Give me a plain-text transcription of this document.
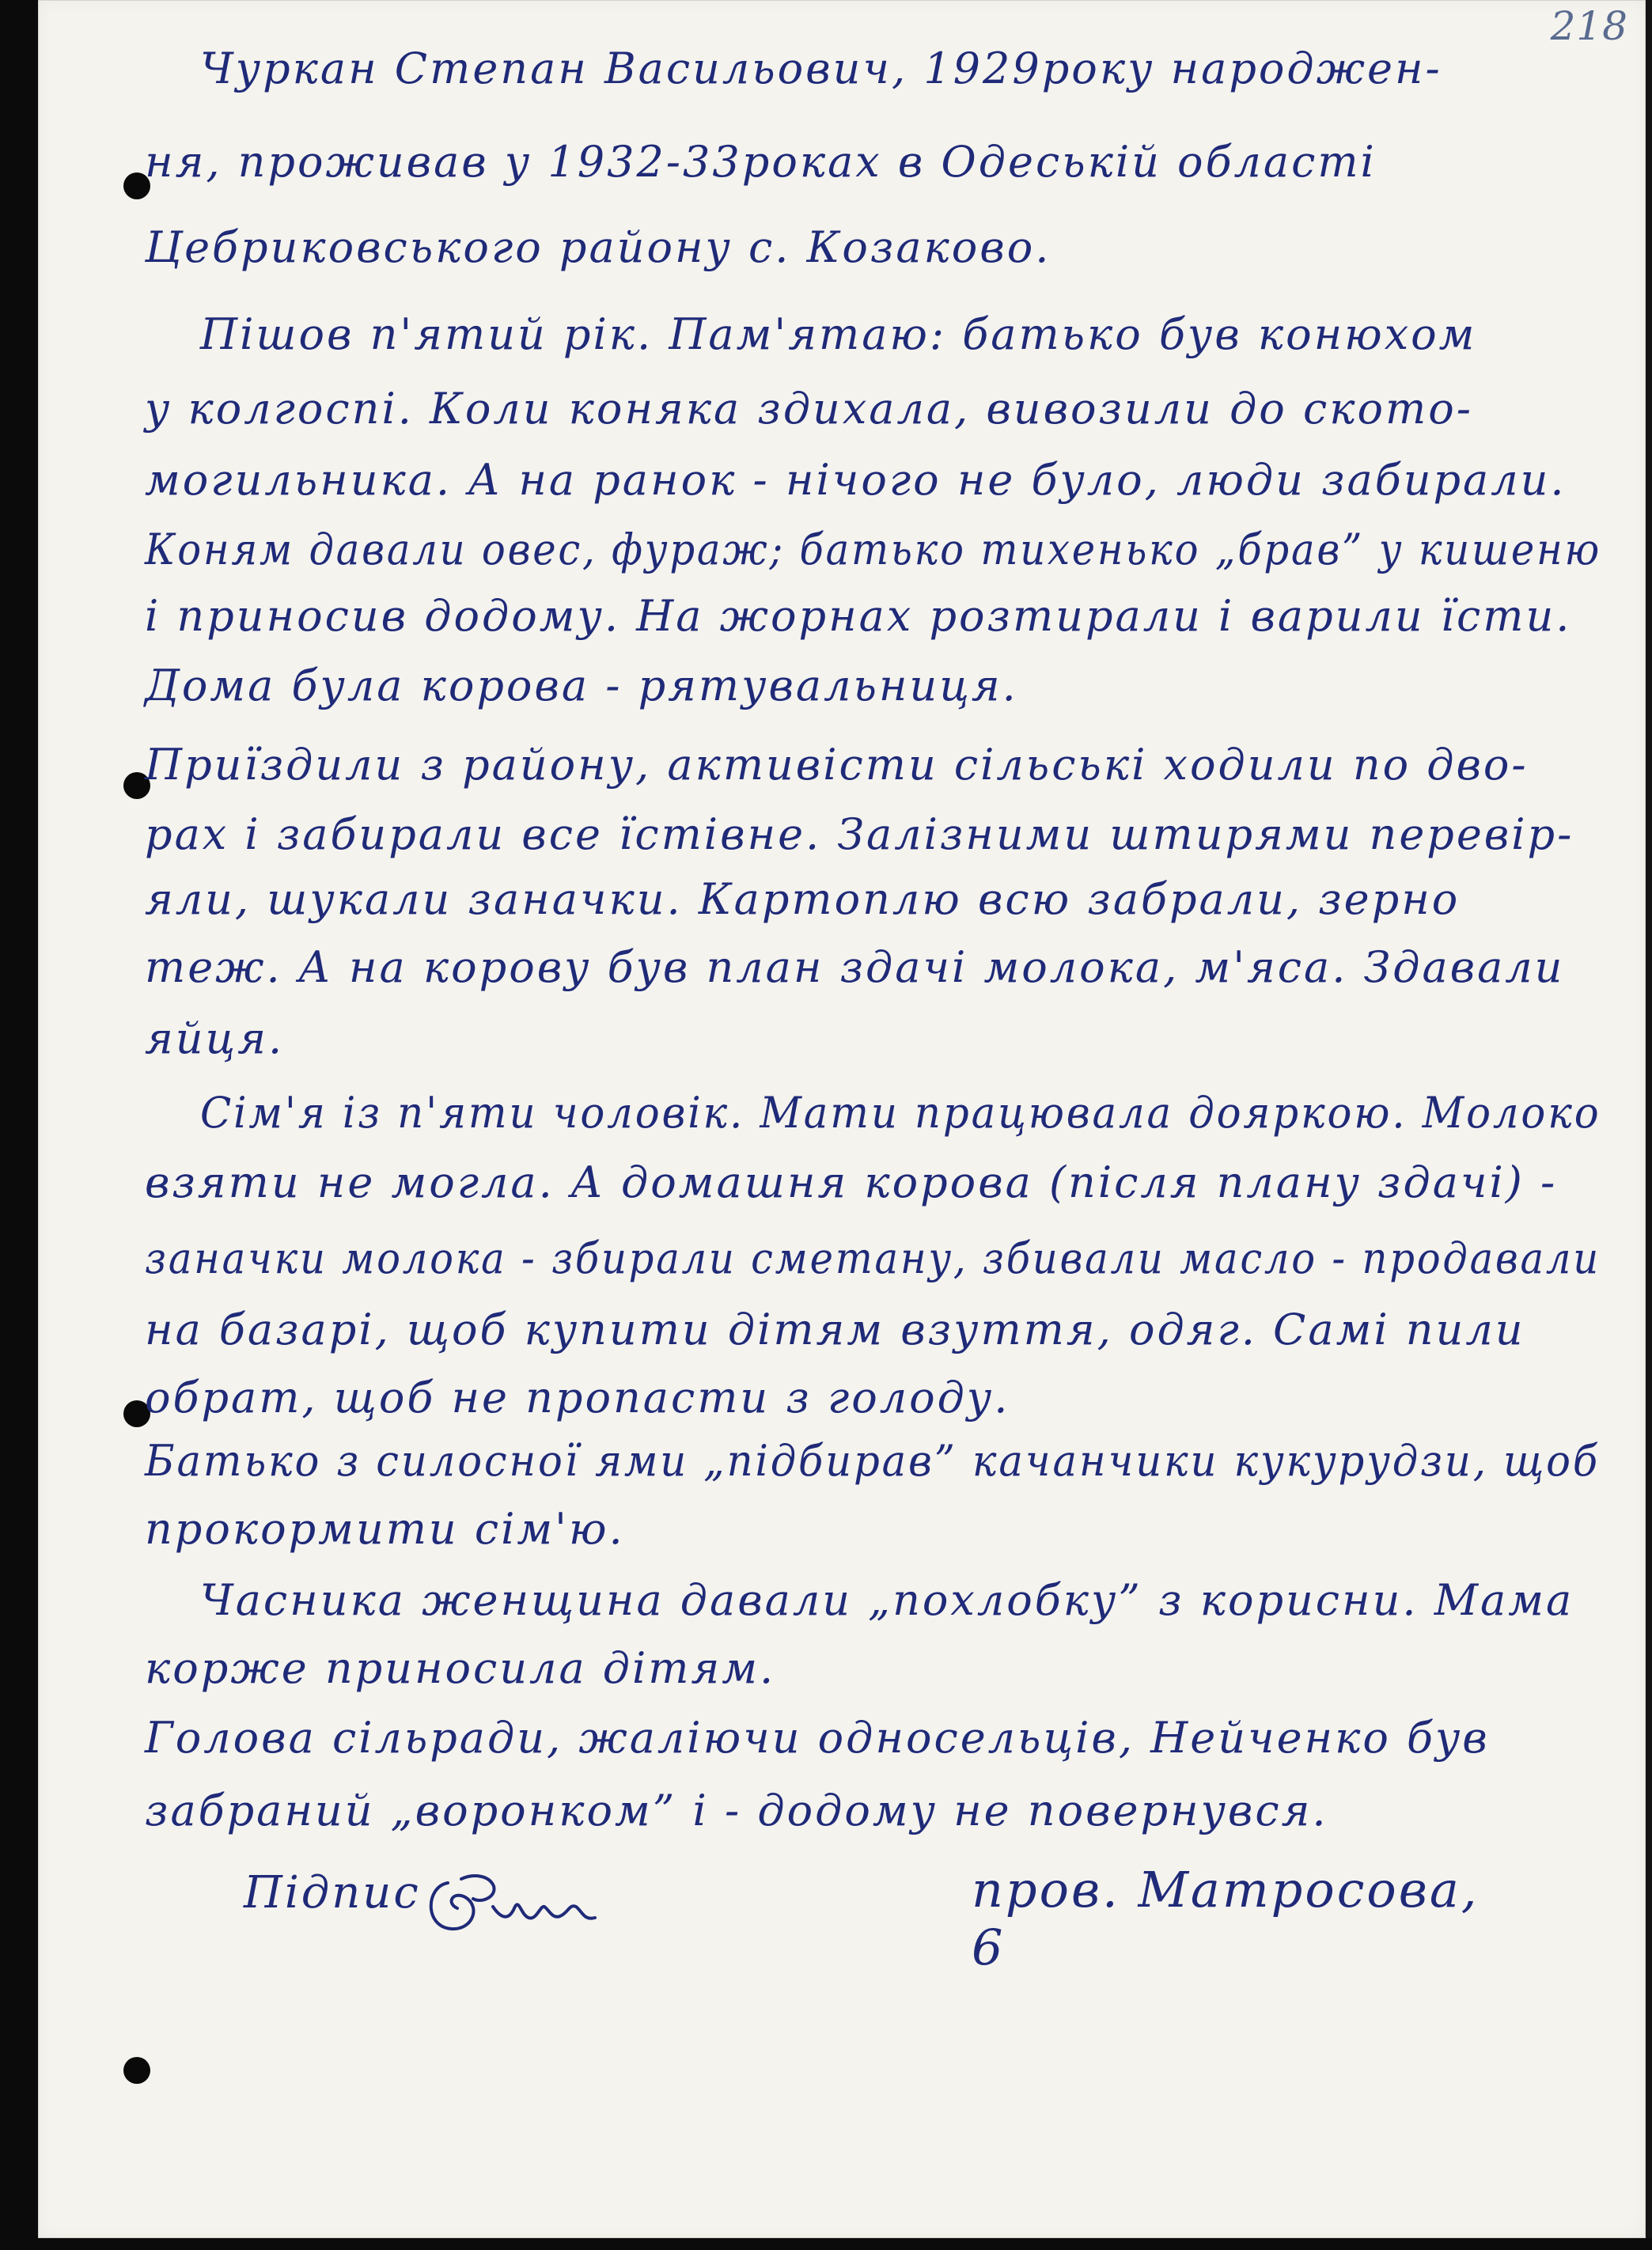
218
Чуркан Степан Васильович, 1929року народжен-
ня, проживав у 1932-33роках в Одеській області
Цебриковського району с. Козаково.
Пішов п'ятий рік. Пам'ятаю: батько був конюхом
у колгоспі. Коли коняка здихала, вивозили до ското-
могильника. А на ранок - нічого не було, люди забирали.
Коням давали овес, фураж; батько тихенько „брав” у кишеню
і приносив додому. На жорнах розтирали і варили їсти.
Дома була корова - рятувальниця.
Приїздили з району, активісти сільські ходили по дво-
рах і забирали все їстівне. Залізними штирями перевір-
яли, шукали заначки. Картоплю всю забрали, зерно
теж. А на корову був план здачі молока, м'яса. Здавали
яйця.
Сім'я із п'яти чоловік. Мати працювала дояркою. Молоко
взяти не могла. А домашня корова (після плану здачі) -
заначки молока - збирали сметану, збивали масло - продавали
на базарі, щоб купити дітям взуття, одяг. Самі пили
обрат, щоб не пропасти з голоду.
Батько з силосної ями „підбирав” качанчики кукурудзи, щоб
прокормити сім'ю.
Часника женщина давали „похлобку” з корисни. Мама
корже приносила дітям.
Голова сільради, жаліючи односельців, Нейченко був
забраний „воронком” і - додому не повернувся.
Підпис	пров. Матросова, 6
